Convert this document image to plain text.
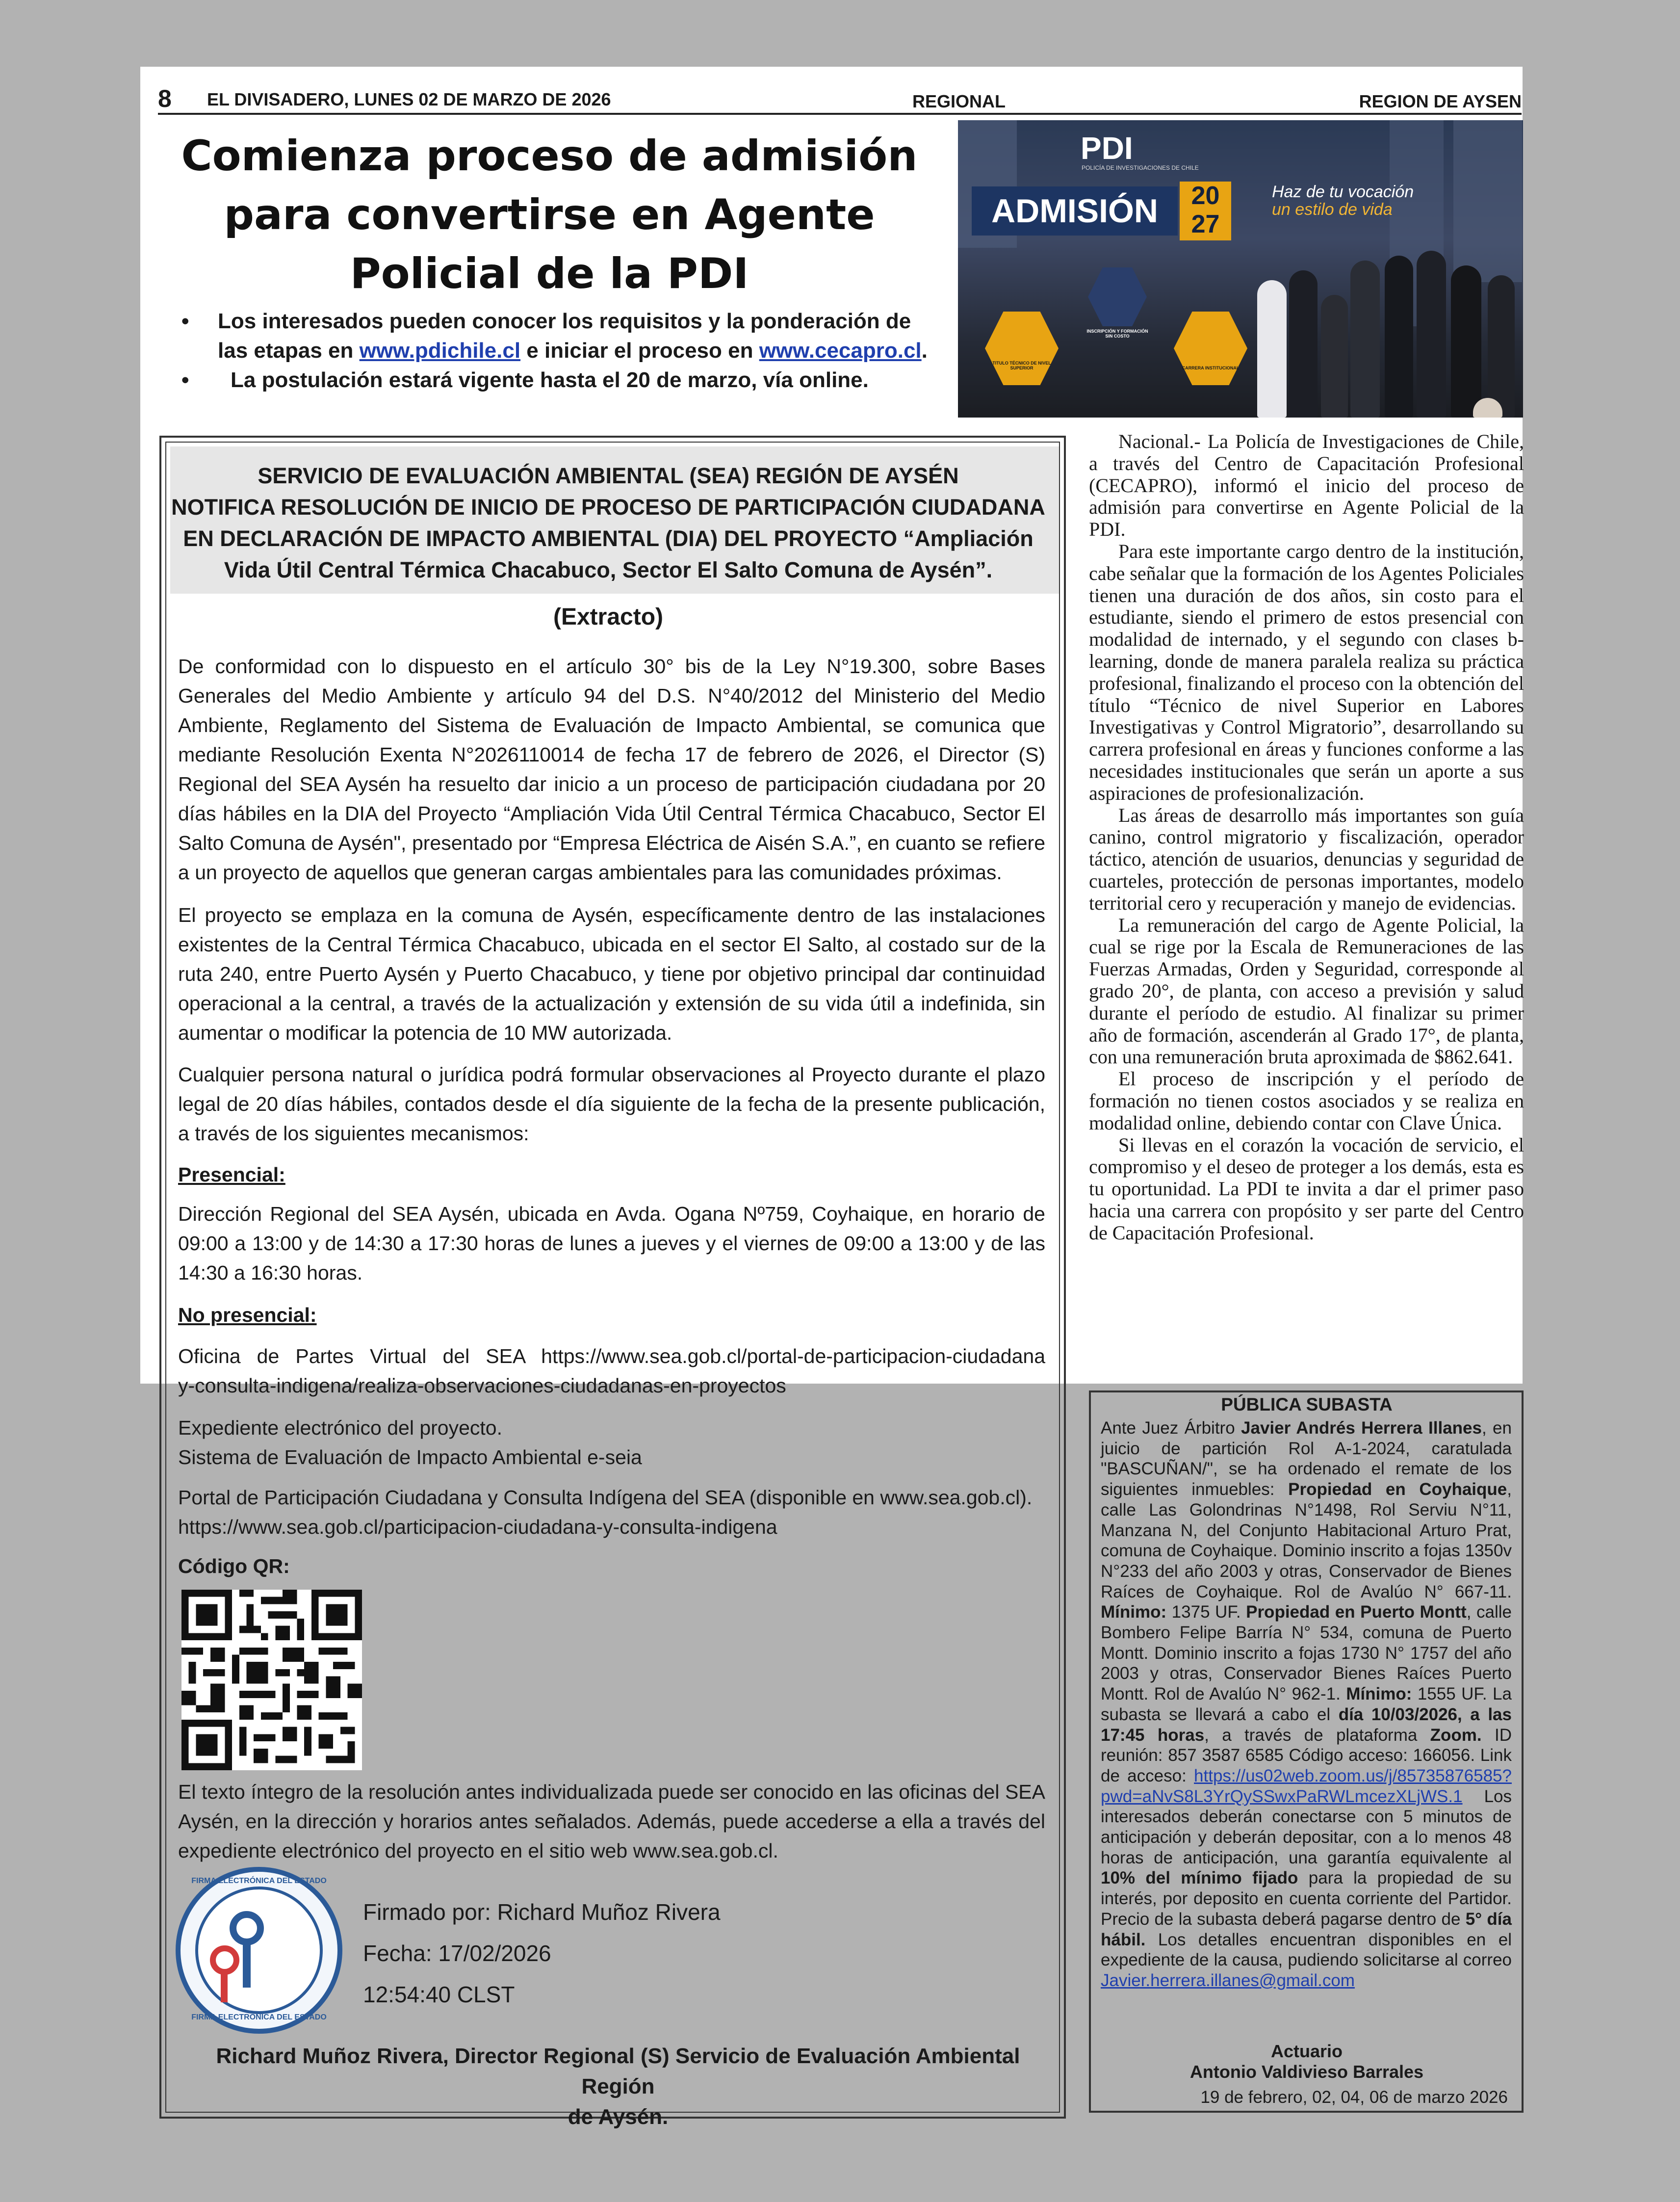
8 EL DIVISADERO, LUNES 02 DE MARZO DE 2026	REGIONAL	REGION DE AYSEN
Comienza proceso de admisión
para convertirse en Agente
Policial de la PDI
• Los interesados pueden conocer los requisitos y la ponderación de las etapas en www.pdichile.cl e iniciar el proceso en www.cecapro.cl.
• La postulación estará vigente hasta el 20 de marzo, vía online.
PDI
POLICÍA DE INVESTIGACIONES DE CHILE
ADMISIÓN	20
27
Haz de tu vocación
un estilo de vida
INSCRIPCIÓN Y FORMACIÓN SIN COSTO
TITULO TÉCNICO DE NIVEL SUPERIOR	CARRERA INSTITUCIONAL
SERVICIO DE EVALUACIÓN AMBIENTAL (SEA) REGIÓN DE AYSÉN
NOTIFICA RESOLUCIÓN DE INICIO DE PROCESO DE PARTICIPACIÓN CIUDADANA
EN DECLARACIÓN DE IMPACTO AMBIENTAL (DIA) DEL PROYECTO “Ampliación
Vida Útil Central Térmica Chacabuco, Sector El Salto Comuna de Aysén”.
(Extracto)
De conformidad con lo dispuesto en el artículo 30° bis de la Ley N°19.300, sobre Bases Generales del Medio Ambiente y artículo 94 del D.S. N°40/2012 del Ministerio del Medio Ambiente, Reglamento del Sistema de Evaluación de Impacto Ambiental, se comunica que mediante Resolución Exenta N°2026110014 de fecha 17 de febrero de 2026, el Director (S) Regional del SEA Aysén ha resuelto dar inicio a un proceso de participación ciudadana por 20 días hábiles en la DIA del Proyecto “Ampliación Vida Útil Central Térmica Chacabuco, Sector El Salto Comuna de Aysén", presentado por “Empresa Eléctrica de Aisén S.A.”, en cuanto se refiere a un proyecto de aquellos que generan cargas ambientales para las comunidades próximas.
El proyecto se emplaza en la comuna de Aysén, específicamente dentro de las instalaciones existentes de la Central Térmica Chacabuco, ubicada en el sector El Salto, al costado sur de la ruta 240, entre Puerto Aysén y Puerto Chacabuco, y tiene por objetivo principal dar continuidad operacional a la central, a través de la actualización y extensión de su vida útil a indefinida, sin aumentar o modificar la potencia de 10 MW autorizada.
Cualquier persona natural o jurídica podrá formular observaciones al Proyecto durante el plazo legal de 20 días hábiles, contados desde el día siguiente de la fecha de la presente publicación, a través de los siguientes mecanismos:
Presencial:
Dirección Regional del SEA Aysén, ubicada en Avda. Ogana Nº759, Coyhaique, en horario de 09:00 a 13:00 y de 14:30 a 17:30 horas de lunes a jueves y el viernes de 09:00 a 13:00 y de las 14:30 a 16:30 horas.
No presencial:
Oficina de Partes Virtual del SEA https://www.sea.gob.cl/portal-de-participacion-ciudadana
y-consulta-indigena/realiza-observaciones-ciudadanas-en-proyectos
Expediente electrónico del proyecto.
Sistema de Evaluación de Impacto Ambiental e-seia
Portal de Participación Ciudadana y Consulta Indígena del SEA (disponible en www.sea.gob.cl).
https://www.sea.gob.cl/participacion-ciudadana-y-consulta-indigena
Código QR:
El texto íntegro de la resolución antes individualizada puede ser conocido en las oficinas del SEA Aysén, en la dirección y horarios antes señalados. Además, puede accederse a ella a través del expediente electrónico del proyecto en el sitio web www.sea.gob.cl.
FIRMA ELECTRÓNICA DEL ESTADO
FIRMA ELECTRÓNICA DEL ESTADO
Firmado por: Richard Muñoz Rivera
Fecha: 17/02/2026
12:54:40 CLST
Richard Muñoz Rivera, Director Regional (S) Servicio de Evaluación Ambiental Región
de Aysén.

Nacional.- La Policía de Investigaciones de Chile, a través del Centro de Capacitación Profesional (CECAPRO), informó el inicio del proceso de admisión para convertirse en Agente Policial de la PDI.

Para este importante cargo dentro de la institución, cabe señalar que la formación de los Agentes Policiales tienen una duración de dos años, sin costo para el estudiante, siendo el primero de estos presencial con modalidad de internado, y el segundo con clases b-learning, donde de manera paralela realiza su práctica profesional, finalizando el proceso con la obtención del título “Técnico de nivel Superior en Labores Investigativas y Control Migratorio”, desarrollando su carrera profesional en áreas y funciones conforme a las necesidades institucionales que serán un aporte a sus aspiraciones de profesionalización.

Las áreas de desarrollo más importantes son guía canino, control migratorio y fiscalización, operador táctico, atención de usuarios, denuncias y seguridad de cuarteles, protección de personas importantes, modelo territorial cero y recuperación y manejo de evidencias.

La remuneración del cargo de Agente Policial, la cual se rige por la Escala de Remuneraciones de las Fuerzas Armadas, Orden y Seguridad, corresponde al grado 20°, de planta, con acceso a previsión y salud durante el período de estudio. Al finalizar su primer año de formación, ascenderán al Grado 17°, de planta, con una remuneración bruta aproximada de $862.641.

El proceso de inscripción y el período de formación no tienen costos asociados y se realiza en modalidad online, debiendo contar con Clave Única.

Si llevas en el corazón la vocación de servicio, el compromiso y el deseo de proteger a los demás, esta es tu oportunidad. La PDI te invita a dar el primer paso hacia una carrera con propósito y ser parte del Centro de Capacitación Profesional.

PÚBLICA SUBASTA
Ante Juez Árbitro Javier Andrés Herrera Illanes, en juicio de partición Rol A-1-2024, caratulada "BASCUÑAN/", se ha ordenado el remate de los siguientes inmuebles: Propiedad en Coyhaique, calle Las Golondrinas N°1498, Rol Serviu N°11, Manzana N, del Conjunto Habitacional Arturo Prat, comuna de Coyhaique. Dominio inscrito a fojas 1350v N°233 del año 2003 y otras, Conservador de Bienes Raíces de Coyhaique. Rol de Avalúo N° 667-11. Mínimo: 1375 UF. Propiedad en Puerto Montt, calle Bombero Felipe Barría N° 534, comuna de Puerto Montt. Dominio inscrito a fojas 1730 N° 1757 del año 2003 y otras, Conservador Bienes Raíces Puerto Montt. Rol de Avalúo N° 962-1. Mínimo: 1555 UF. La subasta se llevará a cabo el día 10/03/2026, a las 17:45 horas, a través de plataforma Zoom. ID reunión: 857 3587 6585 Código acceso: 166056. Link de acceso: https://us02web.zoom.us/j/85735876585?pwd=aNvS8L3YrQySSwxPaRWLmcezXLjWS.1 Los interesados deberán conectarse con 5 minutos de anticipación y deberán depositar, con a lo menos 48 horas de anticipación, una garantía equivalente al 10% del mínimo fijado para la propiedad de su interés, por deposito en cuenta corriente del Partidor. Precio de la subasta deberá pagarse dentro de 5° día hábil. Los detalles encuentran disponibles en el expediente de la causa, pudiendo solicitarse al correo Javier.herrera.illanes@gmail.com
Actuario
Antonio Valdivieso Barrales
19 de febrero, 02, 04, 06 de marzo 2026
